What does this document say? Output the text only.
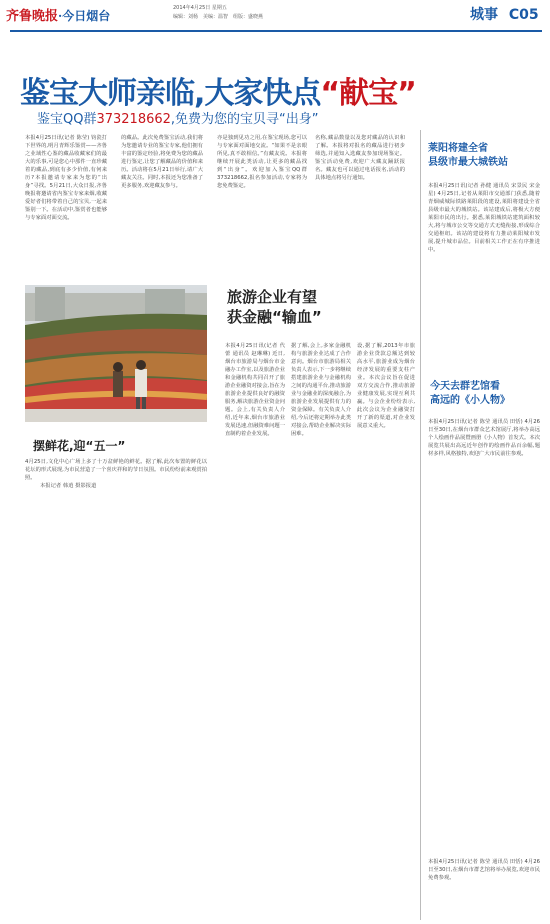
齐鲁晚报·今日烟台
2014年4月25日 星期五
编辑：刘杨　美编：温智　组版：盛晓燕	城事 C05
鉴宝大师亲临,大家快点“献宝”
鉴宝QQ群373218662,免费为您的宝贝寻“出身”
本报4月25日讯(记者 陈莹) 钧瓷打下世界的,明月青辉乐鉴赏——齐鲁之业域性心鉴的藏品收藏家们的最大的乐事,可是您心中那件一直珍藏着的藏品,到底有多少价值,有何来历?本报邀请专家来为您的“出身”寻找。5月21日,大众日报,齐鲁晚报将邀请省内鉴宝专家来烟,收藏爱好者们将带着自己的宝贝,一起来鉴别一下。在活动中,鉴赏者也能够与专家面对面交流。
的藏品。此次免费鉴宝活动,我们将为您邀请专业的鉴宝专家,他们拥有丰富的鉴定经验,将免费为您的藏品进行鉴定,让您了解藏品的价值和来历。活动将在5月21日举行,请广大藏友关注。同时,本报还为您准备了更多服务,欢迎藏友参与。
亦是独到见功之用,在鉴宝现场,您可以与专家面对面地交流。“如果不是亲眼所见,真不敢相信。”有藏友说。本报将继续开展此类活动,让更多的藏品找到“出身”。欢迎加入鉴宝QQ群373218662,报名参加活动,专家将为您免费鉴定。
名称,藏品数量以及您对藏品的认识和了解。本报将对报名的藏品进行初步筛选,并通知入选藏友参加现场鉴定。鉴宝活动免费,欢迎广大藏友踊跃报名。藏友也可以通过电话报名,活动的具体地点将另行通知。
莱阳将建全省
县级市最大城铁站
本报4月25日讯(记者 孙健 通讯员 宋景民 宋金星) 4月25日,记者从莱阳市交通部门获悉,随着青烟威城际铁路莱阳段的建设,莱阳将建设全省县级市最大的城铁站。该站建成后,将极大方便莱阳市民的出行。据悉,莱阳城铁站建筑面积较大,将与城市公交等交通方式无缝衔接,形成综合交通枢纽。该站的建设将有力推动莱阳城市发展,提升城市品位。目前相关工作正在有序推进中。
今天去群艺馆看
高远的《小人物》
本报4月25日讯(记者 陈莹 通讯员 田恬) 4月26日至30日,在烟台市群众艺术馆展厅,将举办高远个人绘画作品展暨画册《小人物》首发式。本次展览共展出高远近年创作的绘画作品百余幅,题材多样,风格独特,欢迎广大市民前往参观。
本报4月25日讯(记者 陈莹 通讯员 田恬) 4月26日至30日,在烟台市群艺馆将举办展览,欢迎市民免费参观。
摆鲜花,迎“五一”
4月25日,文化中心广场上多了十万盆鲜艳的鲜花。据了解,此次布置的鲜花以花坛的形式展现,为市民营造了一个喜庆祥和的节日氛围。市民纷纷前来观赏拍照。
本报记者 韩逍 摄影报道
旅游企业有望
获金融“输血”
本报4月25日讯(记者 代蕾 通讯员 赵琳琳) 近日,烟台市旅游局与烟台市金融办工作室,以及旅游企业和金融机构共同召开了旅游企业融资对接会,旨在为旅游企业提供良好的融资服务,解决旅游企业资金问题。会上,有关负责人介绍,近年来,烟台市旅游业发展迅速,但融资难问题一直制约着企业发展。
据了解,会上,多家金融机构与旅游企业达成了合作意向。烟台市旅游局相关负责人表示,下一步将继续搭建旅游企业与金融机构之间的沟通平台,推动旅游业与金融业的深度融合,为旅游企业发展提供有力的资金保障。有关负责人介绍,今后还将定期举办此类对接会,帮助企业解决实际困难。
设,据了解,2013年市旅游企业贷款总额达到较高水平,旅游业成为烟台经济发展的重要支柱产业。本次会议旨在促进双方交流合作,推动旅游业健康发展,实现互利共赢。与会企业纷纷表示,此次会议为企业融资打开了新的渠道,对企业发展意义重大。
